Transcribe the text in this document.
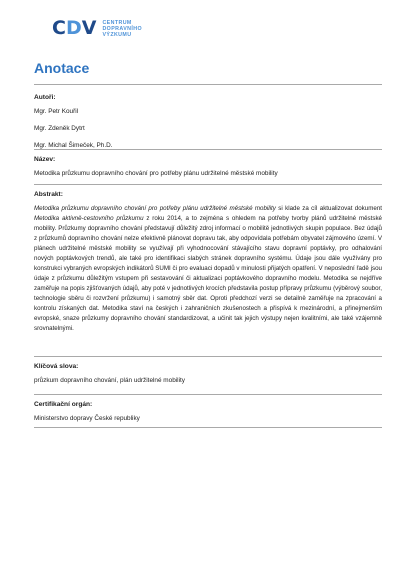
CDV CENTRUM
DOPRAVNÍHO
VÝZKUMU
Anotace

Autoři:

Mgr. Petr Kouřil

Mgr. Zdeněk Dytrt

Mgr. Michal Šimeček, Ph.D.

Název:

Metodika průzkumu dopravního chování pro potřeby plánu udržitelné městské mobility

Abstrakt:

Metodika průzkumu dopravního chování pro potřeby plánu udržitelné městské mobility si klade za cíl aktualizovat dokument Metodika aktivně-cestovního průzkumu z roku 2014, a to zejména s ohledem na potřeby tvorby plánů udržitelné městské mobility. Průzkumy dopravního chování představují důležitý zdroj informací o mobilitě jednotlivých skupin populace. Bez údajů z průzkumů dopravního chování nelze efektivně plánovat dopravu tak, aby odpovídala potřebám obyvatel zájmového území. V plánech udržitelné městské mobility se využívají při vyhodnocování stávajícího stavu dopravní poptávky, pro odhalování nových poptávkových trendů, ale také pro identifikaci slabých stránek dopravního systému. Údaje jsou dále využívány pro konstrukci vybraných evropských indikátorů SUMI či pro evaluaci dopadů v minulosti přijatých opatření. V neposlední řadě jsou údaje z průzkumu důležitým vstupem při sestavování či aktualizaci poptávkového dopravního modelu. Metodika se nejdříve zaměřuje na popis zjišťovaných údajů, aby poté v jednotlivých krocích představila postup přípravy průzkumu (výběrový soubor, technologie sběru či rozvržení průzkumu) i samotný sběr dat. Oproti předchozí verzi se detailně zaměřuje na zpracování a kontrolu získaných dat. Metodika staví na českých i zahraničních zkušenostech a přispívá k mezinárodní, a přinejmenším evropské, snaze průzkumy dopravního chování standardizovat, a učinit tak jejich výstupy nejen kvalitními, ale také vzájemně srovnatelnými.

Klíčová slova:

průzkum dopravního chování, plán udržitelné mobility

Certifikační orgán:

Ministerstvo dopravy České republiky
